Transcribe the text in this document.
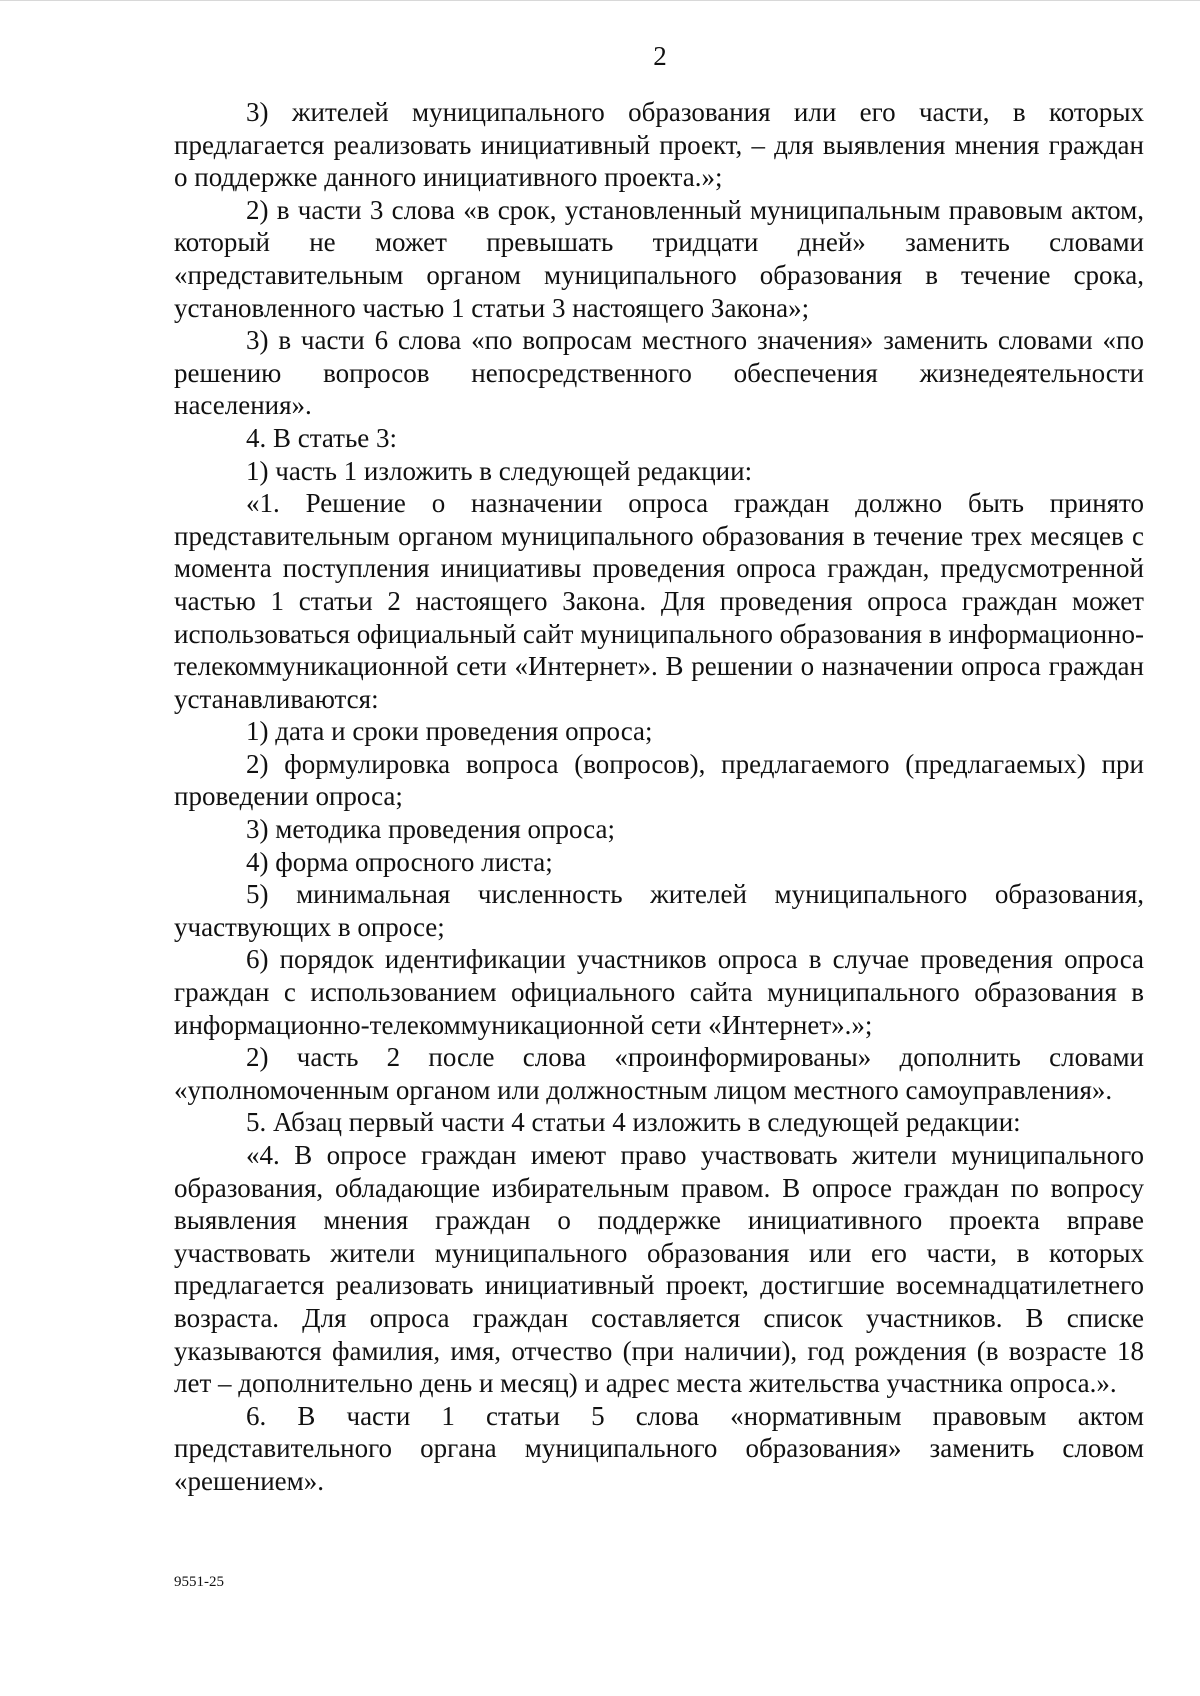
2

3) жителей муниципального образования или его части, в которых предлагается реализовать инициативный проект, – для выявления мнения граждан о поддержке данного инициативного проекта.»;

2) в части 3 слова «в срок, установленный муниципальным правовым актом, который не может превышать тридцати дней» заменить словами «представительным органом муниципального образования в течение срока, установленного частью 1 статьи 3 настоящего Закона»;

3) в части 6 слова «по вопросам местного значения» заменить словами «по решению вопросов непосредственного обеспечения жизнедеятельности населения».

4. В статье 3:

1) часть 1 изложить в следующей редакции:

«1. Решение о назначении опроса граждан должно быть принято представительным органом муниципального образования в течение трех месяцев с момента поступления инициативы проведения опроса граждан, предусмотренной частью 1 статьи 2 настоящего Закона. Для проведения опроса граждан может использоваться официальный сайт муниципального образования в информационно-телекоммуникационной сети «Интернет». В решении о назначении опроса граждан устанавливаются:

1) дата и сроки проведения опроса;

2) формулировка вопроса (вопросов), предлагаемого (предлагаемых) при проведении опроса;

3) методика проведения опроса;

4) форма опросного листа;

5) минимальная численность жителей муниципального образования, участвующих в опросе;

6) порядок идентификации участников опроса в случае проведения опроса граждан с использованием официального сайта муниципального образования в информационно-телекоммуникационной сети «Интернет».»;

2) часть 2 после слова «проинформированы» дополнить словами «уполномоченным органом или должностным лицом местного самоуправления».

5. Абзац первый части 4 статьи 4 изложить в следующей редакции:

«4. В опросе граждан имеют право участвовать жители муниципального образования, обладающие избирательным правом. В опросе граждан по вопросу выявления мнения граждан о поддержке инициативного проекта вправе участвовать жители муниципального образования или его части, в которых предлагается реализовать инициативный проект, достигшие восемнадцатилетнего возраста. Для опроса граждан составляется список участников. В списке указываются фамилия, имя, отчество (при наличии), год рождения (в возрасте 18 лет – дополнительно день и месяц) и адрес места жительства участника опроса.».

6. В части 1 статьи 5 слова «нормативным правовым актом представительного органа муниципального образования» заменить словом «решением».

9551-25
